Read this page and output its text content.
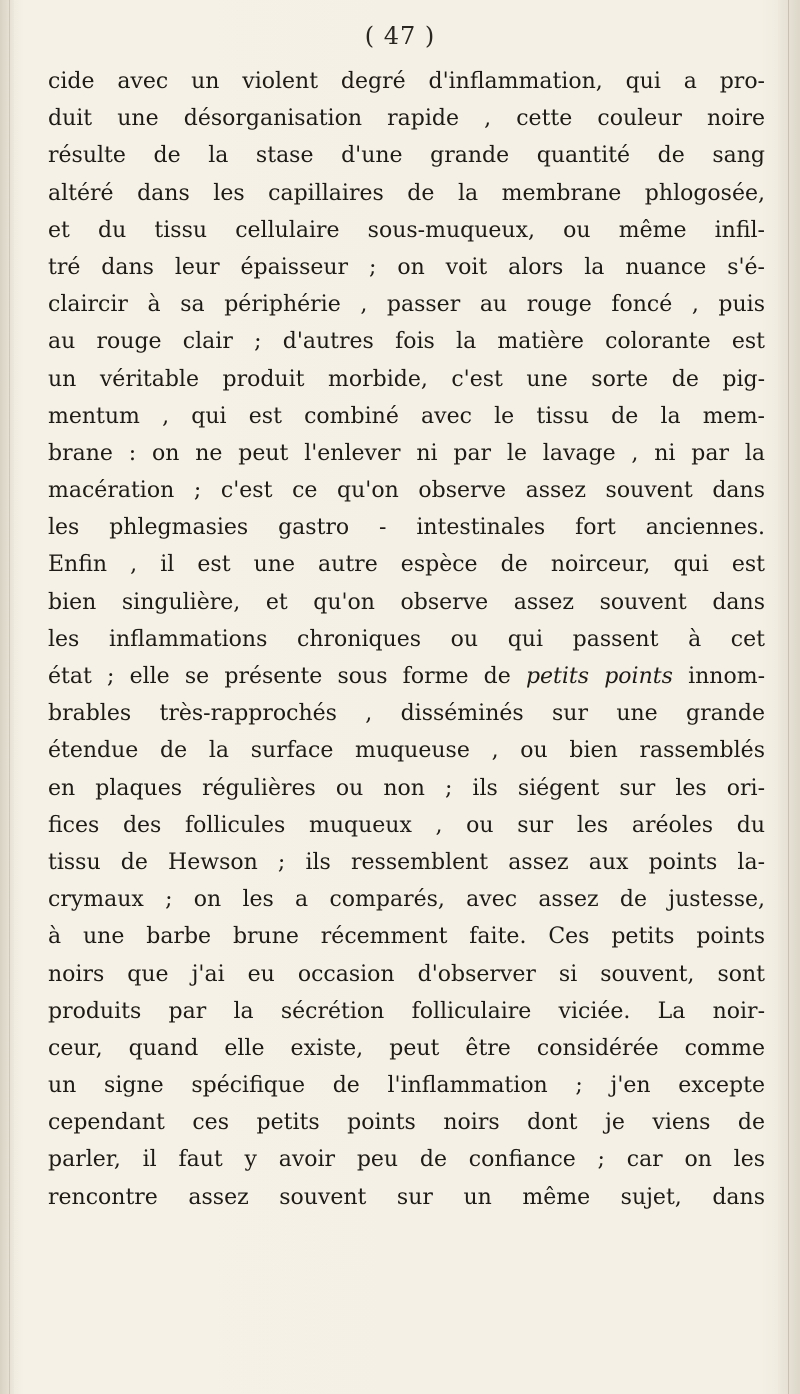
( 47 )
cide avec un violent degré d'inflammation, qui a pro-
duit une désorganisation rapide , cette couleur noire
résulte de la stase d'une grande quantité de sang
altéré dans les capillaires de la membrane phlogosée,
et du tissu cellulaire sous-muqueux, ou même infil-
tré dans leur épaisseur ; on voit alors la nuance s'é-
claircir à sa périphérie , passer au rouge foncé , puis
au rouge clair ; d'autres fois la matière colorante est
un véritable produit morbide, c'est une sorte de pig-
mentum , qui est combiné avec le tissu de la mem-
brane : on ne peut l'enlever ni par le lavage , ni par la
macération ; c'est ce qu'on observe assez souvent dans
les phlegmasies gastro - intestinales fort anciennes.
Enfin , il est une autre espèce de noirceur, qui est
bien singulière, et qu'on observe assez souvent dans
les inflammations chroniques ou qui passent à cet
état ; elle se présente sous forme de petits points innom-
brables très-rapprochés , disséminés sur une grande
étendue de la surface muqueuse , ou bien rassemblés
en plaques régulières ou non ; ils siégent sur les ori-
fices des follicules muqueux , ou sur les aréoles du
tissu de Hewson ; ils ressemblent assez aux points la-
crymaux ; on les a comparés, avec assez de justesse,
à une barbe brune récemment faite. Ces petits points
noirs que j'ai eu occasion d'observer si souvent, sont
produits par la sécrétion folliculaire viciée. La noir-
ceur, quand elle existe, peut être considérée comme
un signe spécifique de l'inflammation ; j'en excepte
cependant ces petits points noirs dont je viens de
parler, il faut y avoir peu de confiance ; car on les
rencontre assez souvent sur un même sujet, dans
